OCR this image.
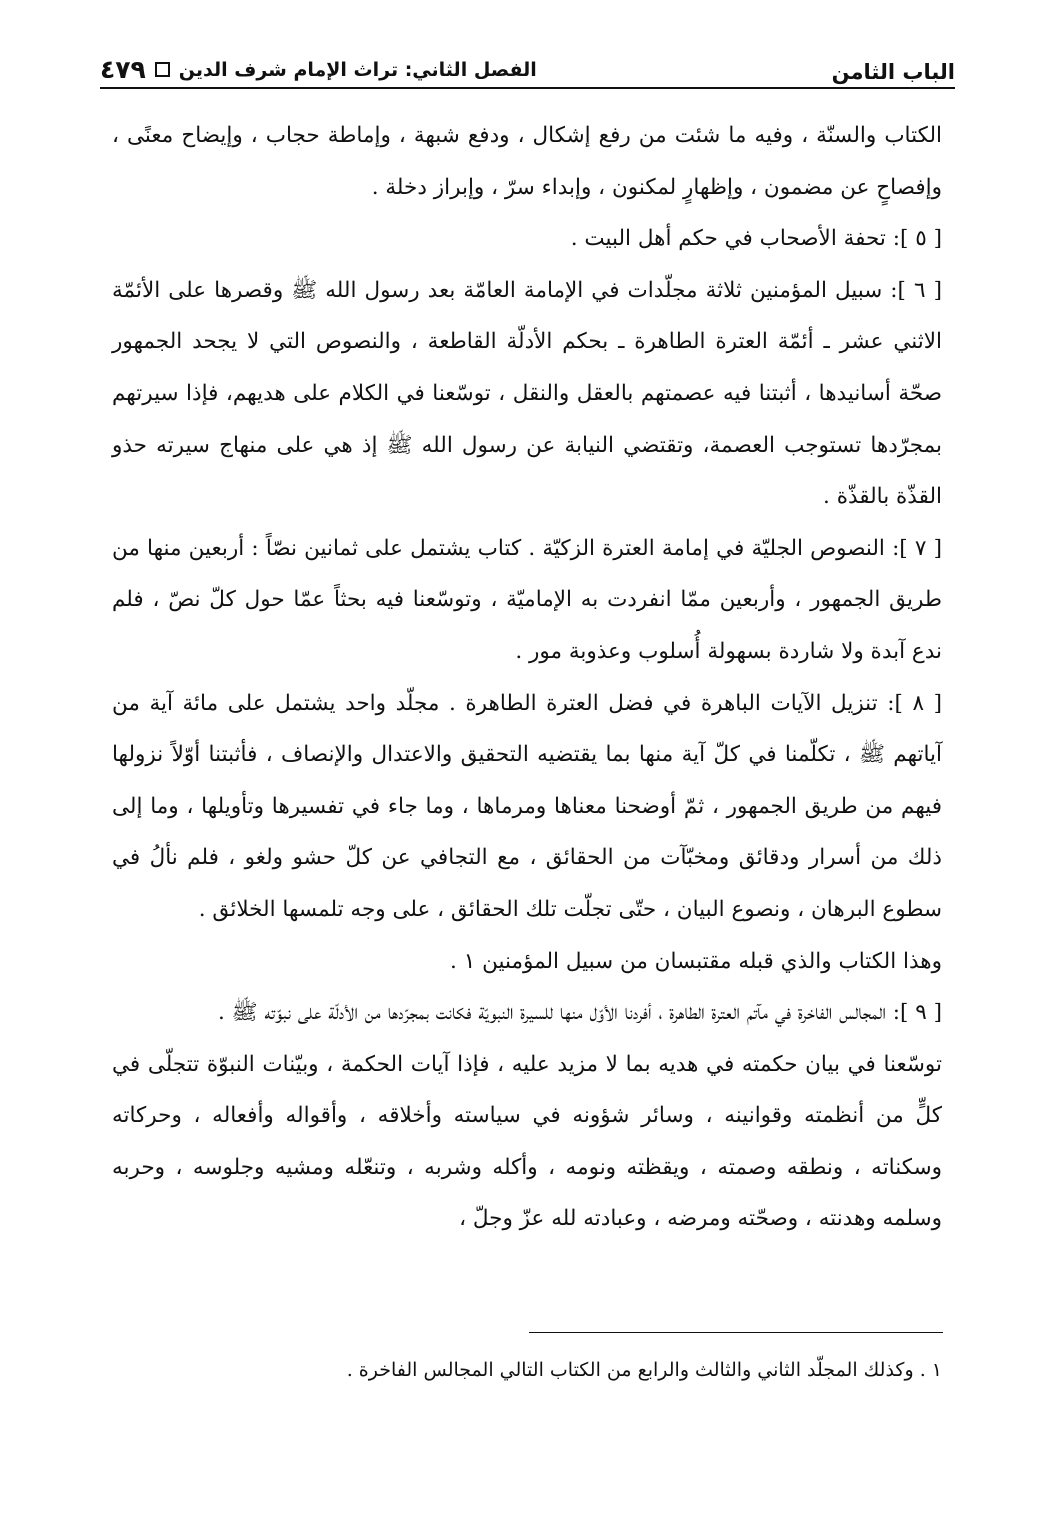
الباب الثامن
الفصل الثاني: تراث الإمام شرف الدين
٤٧٩

الكتاب والسنّة ، وفيه ما شئت من رفع إشكال ، ودفع شبهة ، وإماطة حجاب ، وإيضاح معنًى ، وإفصاحٍ عن مضمون ، وإظهارٍ لمكنون ، وإبداء سرّ ، وإبراز دخلة .

[ ٥ ]: تحفة الأصحاب في حكم أهل البيت .

[ ٦ ]: سبيل المؤمنين ثلاثة مجلّدات في الإمامة العامّة بعد رسول الله ﷺ وقصرها على الأئمّة الاثني عشر ـ أئمّة العترة الطاهرة ـ بحكم الأدلّة القاطعة ، والنصوص التي لا يجحد الجمهور صحّة أسانيدها ، أثبتنا فيه عصمتهم بالعقل والنقل ، توسّعنا في الكلام على هديهم، فإذا سيرتهم بمجرّدها تستوجب العصمة، وتقتضي النيابة عن رسول الله ﷺ إذ هي على منهاج سيرته حذو القذّة بالقذّة .

[ ٧ ]: النصوص الجليّة في إمامة العترة الزكيّة . كتاب يشتمل على ثمانين نصّاً : أربعين منها من طريق الجمهور ، وأربعين ممّا انفردت به الإماميّة ، وتوسّعنا فيه بحثاً عمّا حول كلّ نصّ ، فلم ندع آبدة ولا شاردة بسهولة أُسلوب وعذوبة مور .

[ ٨ ]: تنزيل الآيات الباهرة في فضل العترة الطاهرة . مجلّد واحد يشتمل على مائة آية من آياتهم ﷺ ، تكلّمنا في كلّ آية منها بما يقتضيه التحقيق والاعتدال والإنصاف ، فأثبتنا أوّلاً نزولها فيهم من طريق الجمهور ، ثمّ أوضحنا معناها ومرماها ، وما جاء في تفسيرها وتأويلها ، وما إلى ذلك من أسرار ودقائق ومخبّآت من الحقائق ، مع التجافي عن كلّ حشو ولغو ، فلم نألُ في سطوع البرهان ، ونصوع البيان ، حتّى تجلّت تلك الحقائق ، على وجه تلمسها الخلائق .

وهذا الكتاب والذي قبله مقتبسان من سبيل المؤمنين ١ .

[ ٩ ]: المجالس الفاخرة في مآتم العترة الطاهرة ، أفردنا الأوّل منها للسيرة النبويّة فكانت بمجرّدها من الأدلّة على نبوّته ﷺ .

توسّعنا في بيان حكمته في هديه بما لا مزيد عليه ، فإذا آيات الحكمة ، وبيّنات النبوّة تتجلّى في كلٍّ من أنظمته وقوانينه ، وسائر شؤونه في سياسته وأخلاقه ، وأقواله وأفعاله ، وحركاته وسكناته ، ونطقه وصمته ، ويقظته ونومه ، وأكله وشربه ، وتنعّله ومشيه وجلوسه ، وحربه وسلمه وهدنته ، وصحّته ومرضه ، وعبادته لله عزّ وجلّ ،

١ . وكذلك المجلّد الثاني والثالث والرابع من الكتاب التالي المجالس الفاخرة .
